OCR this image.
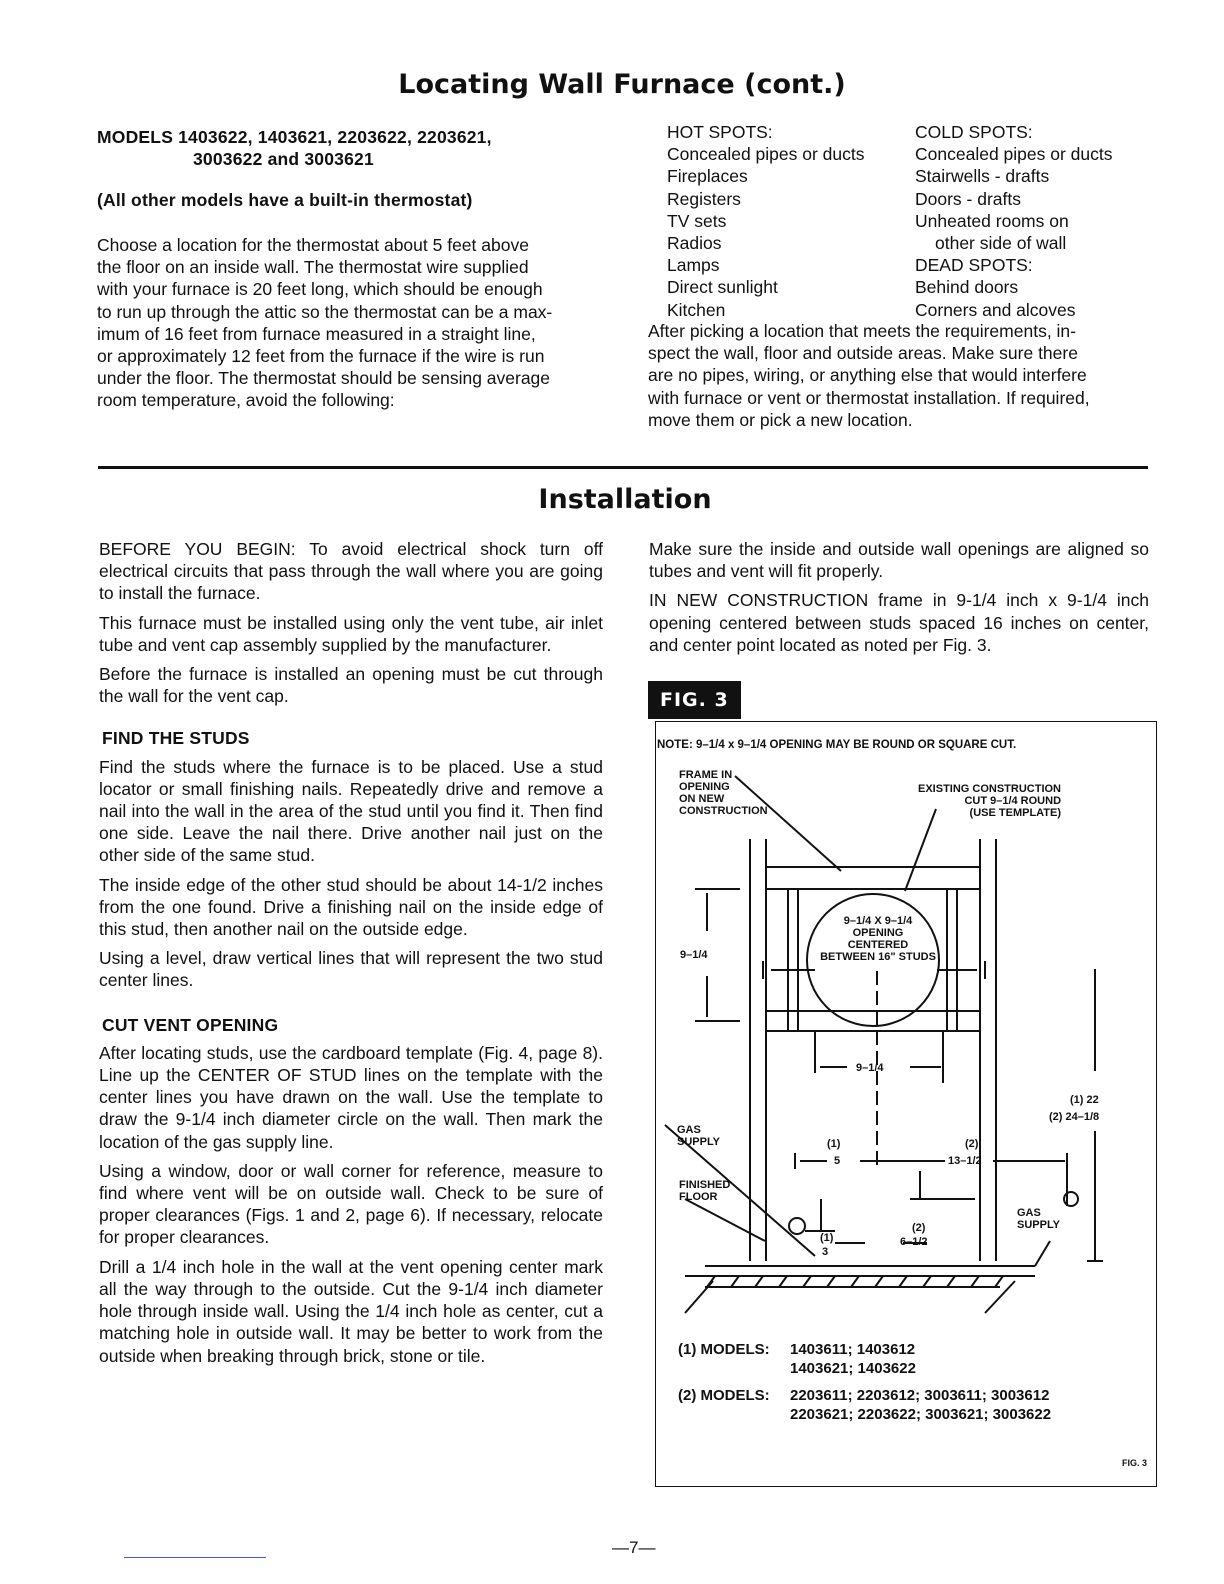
Locating Wall Furnace (cont.)
MODELS 1403622, 1403621, 2203622, 2203621,
3003622 and 3003621
(All other models have a built-in thermostat)
Choose a location for the thermostat about 5 feet above
the floor on an inside wall. The thermostat wire supplied
with your furnace is 20 feet long, which should be enough
to run up through the attic so the thermostat can be a max-
imum of 16 feet from furnace measured in a straight line,
or approximately 12 feet from the furnace if the wire is run
under the floor. The thermostat should be sensing average
room temperature, avoid the following:
HOT SPOTS:
Concealed pipes or ducts
Fireplaces
Registers
TV sets
Radios
Lamps
Direct sunlight
Kitchen
COLD SPOTS:
Concealed pipes or ducts
Stairwells - drafts
Doors - drafts
Unheated rooms on
other side of wall
DEAD SPOTS:
Behind doors
Corners and alcoves
After picking a location that meets the requirements, in-
spect the wall, floor and outside areas. Make sure there
are no pipes, wiring, or anything else that would interfere
with furnace or vent or thermostat installation. If required,
move them or pick a new location.
Installation

BEFORE YOU BEGIN: To avoid electrical shock turn off electrical circuits that pass through the wall where you are going to install the furnace.

This furnace must be installed using only the vent tube, air inlet tube and vent cap assembly supplied by the manufacturer.

Before the furnace is installed an opening must be cut through the wall for the vent cap.

FIND THE STUDS

Find the studs where the furnace is to be placed. Use a stud locator or small finishing nails. Repeatedly drive and remove a nail into the wall in the area of the stud until you find it. Then find one side. Leave the nail there. Drive another nail just on the other side of the same stud.

The inside edge of the other stud should be about 14-1/2 inches from the one found. Drive a finishing nail on the inside edge of this stud, then another nail on the outside edge.

Using a level, draw vertical lines that will represent the two stud center lines.

CUT VENT OPENING

After locating studs, use the cardboard template (Fig. 4, page 8). Line up the CENTER OF STUD lines on the template with the center lines you have drawn on the wall. Use the template to draw the 9-1/4 inch diameter circle on the wall. Then mark the location of the gas supply line.

Using a window, door or wall corner for reference, measure to find where vent will be on outside wall. Check to be sure of proper clearances (Figs. 1 and 2, page 6). If necessary, relocate for proper clearances.

Drill a 1/4 inch hole in the wall at the vent opening center mark all the way through to the outside. Cut the 9-1/4 inch diameter hole through inside wall. Using the 1/4 inch hole as center, cut a matching hole in outside wall. It may be better to work from the outside when breaking through brick, stone or tile.

Make sure the inside and outside wall openings are aligned so tubes and vent will fit properly.

IN NEW CONSTRUCTION frame in 9-1/4 inch x 9-1/4 inch opening centered between studs spaced 16 inches on center, and center point located as noted per Fig. 3.

FIG. 3
NOTE: 9–1/4 x 9–1/4 OPENING MAY BE ROUND OR SQUARE CUT.
FRAME IN
OPENING
ON NEW
CONSTRUCTION
EXISTING CONSTRUCTION
CUT 9–1/4 ROUND
(USE TEMPLATE)
9–1/4 X 9–1/4
OPENING
CENTERED
BETWEEN 16" STUDS
9–1/4
9–1/4
(1) 22
(2) 24–1/8
GAS
SUPPLY
GAS
SUPPLY
FINISHED
FLOOR
(1)
5
(2)
13–1/2
(1)
3
(2)
6–1/2
(1) MODELS: 1403611; 1403612
1403621; 1403622
(2) MODELS: 2203611; 2203612; 3003611; 3003612
2203621; 2203622; 3003621; 3003622
FIG. 3
—7—
